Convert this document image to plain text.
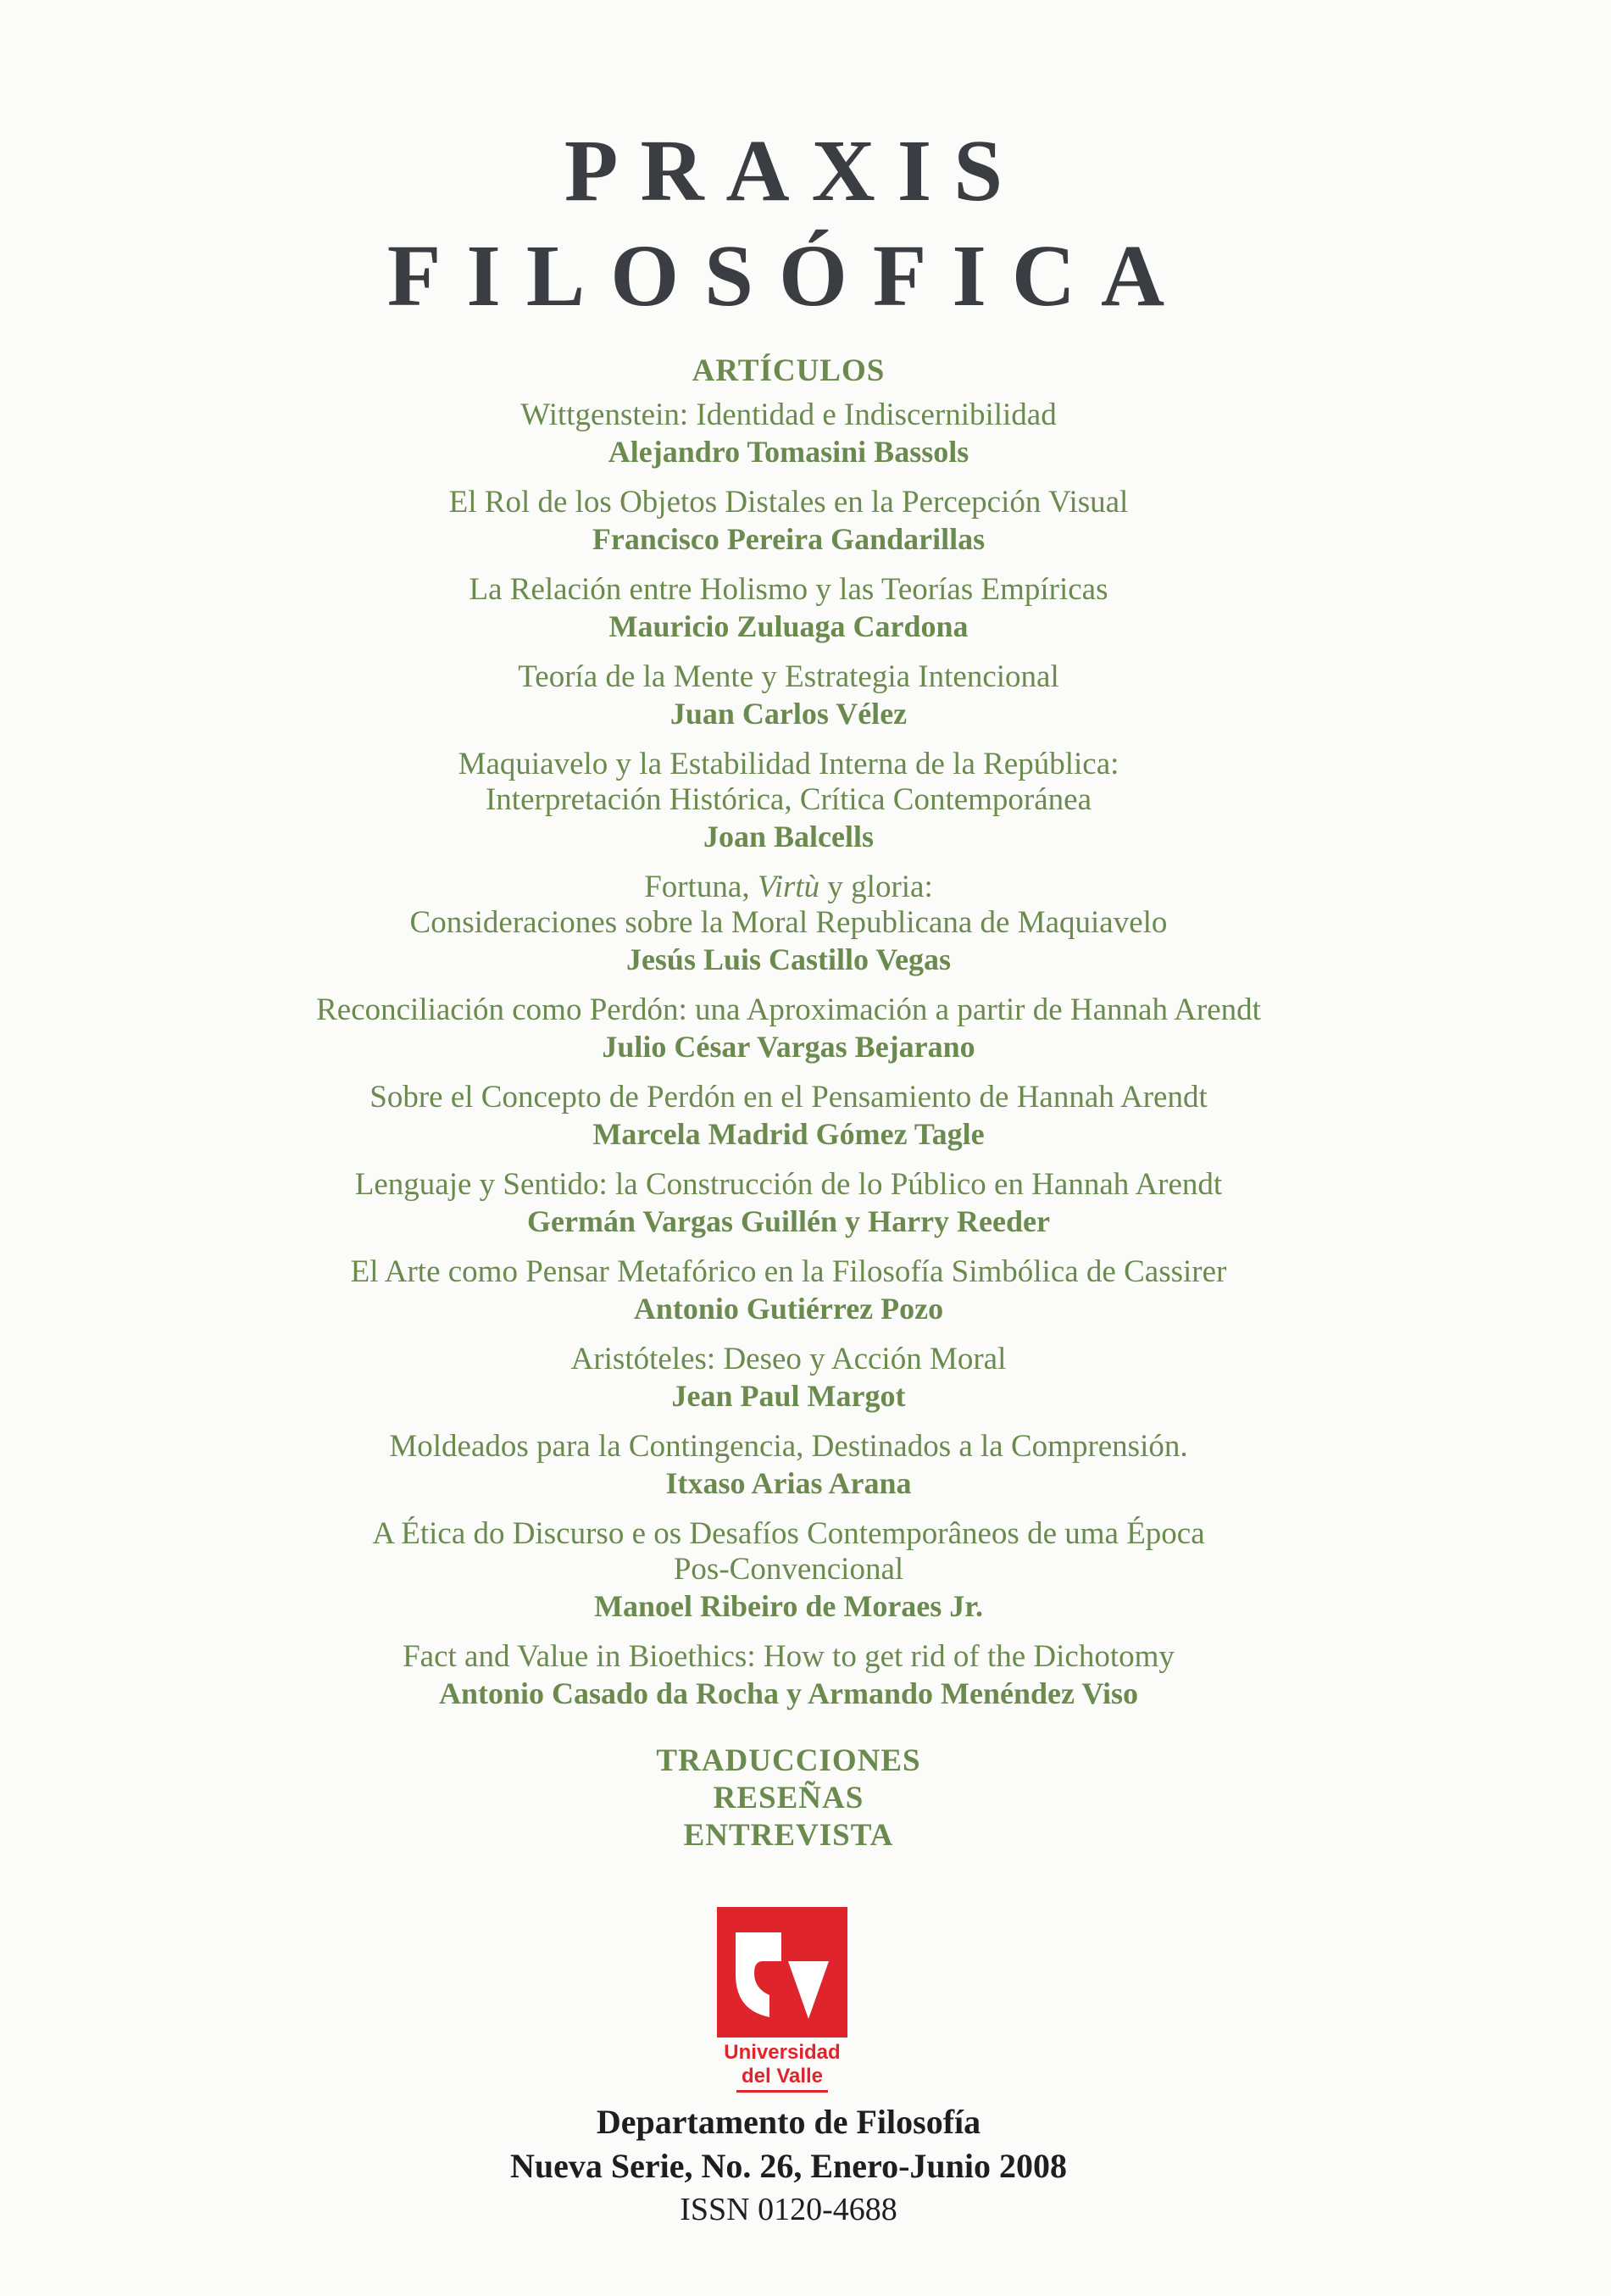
PRAXIS

FILOSÓFICA

ARTÍCULOS

Wittgenstein: Identidad e Indiscernibilidad

Alejandro Tomasini Bassols

El Rol de los Objetos Distales en la Percepción Visual

Francisco Pereira Gandarillas

La Relación entre Holismo y las Teorías Empíricas

Mauricio Zuluaga Cardona

Teoría de la Mente y Estrategia Intencional

Juan Carlos Vélez

Maquiavelo y la Estabilidad Interna de la República:

Interpretación Histórica, Crítica Contemporánea

Joan Balcells

Fortuna, Virtù y gloria:

Consideraciones sobre la Moral Republicana de Maquiavelo

Jesús Luis Castillo Vegas

Reconciliación como Perdón: una Aproximación a partir de Hannah Arendt

Julio César Vargas Bejarano

Sobre el Concepto de Perdón en el Pensamiento de Hannah Arendt

Marcela Madrid Gómez Tagle

Lenguaje y Sentido: la Construcción de lo Público en Hannah Arendt

Germán Vargas Guillén y Harry Reeder

El Arte como Pensar Metafórico en la Filosofía Simbólica de Cassirer

Antonio Gutiérrez Pozo

Aristóteles: Deseo y Acción Moral

Jean Paul Margot

Moldeados para la Contingencia, Destinados a la Comprensión.

Itxaso Arias Arana

A Ética do Discurso e os Desafíos Contemporâneos de uma Época

Pos-Convencional

Manoel Ribeiro de Moraes Jr.

Fact and Value in Bioethics: How to get rid of the Dichotomy

Antonio Casado da Rocha y Armando Menéndez Viso

TRADUCCIONES

RESEÑAS

ENTREVISTA

Universidad
del Valle
Departamento de Filosofía
Nueva Serie, No. 26, Enero-Junio 2008
ISSN 0120-4688
